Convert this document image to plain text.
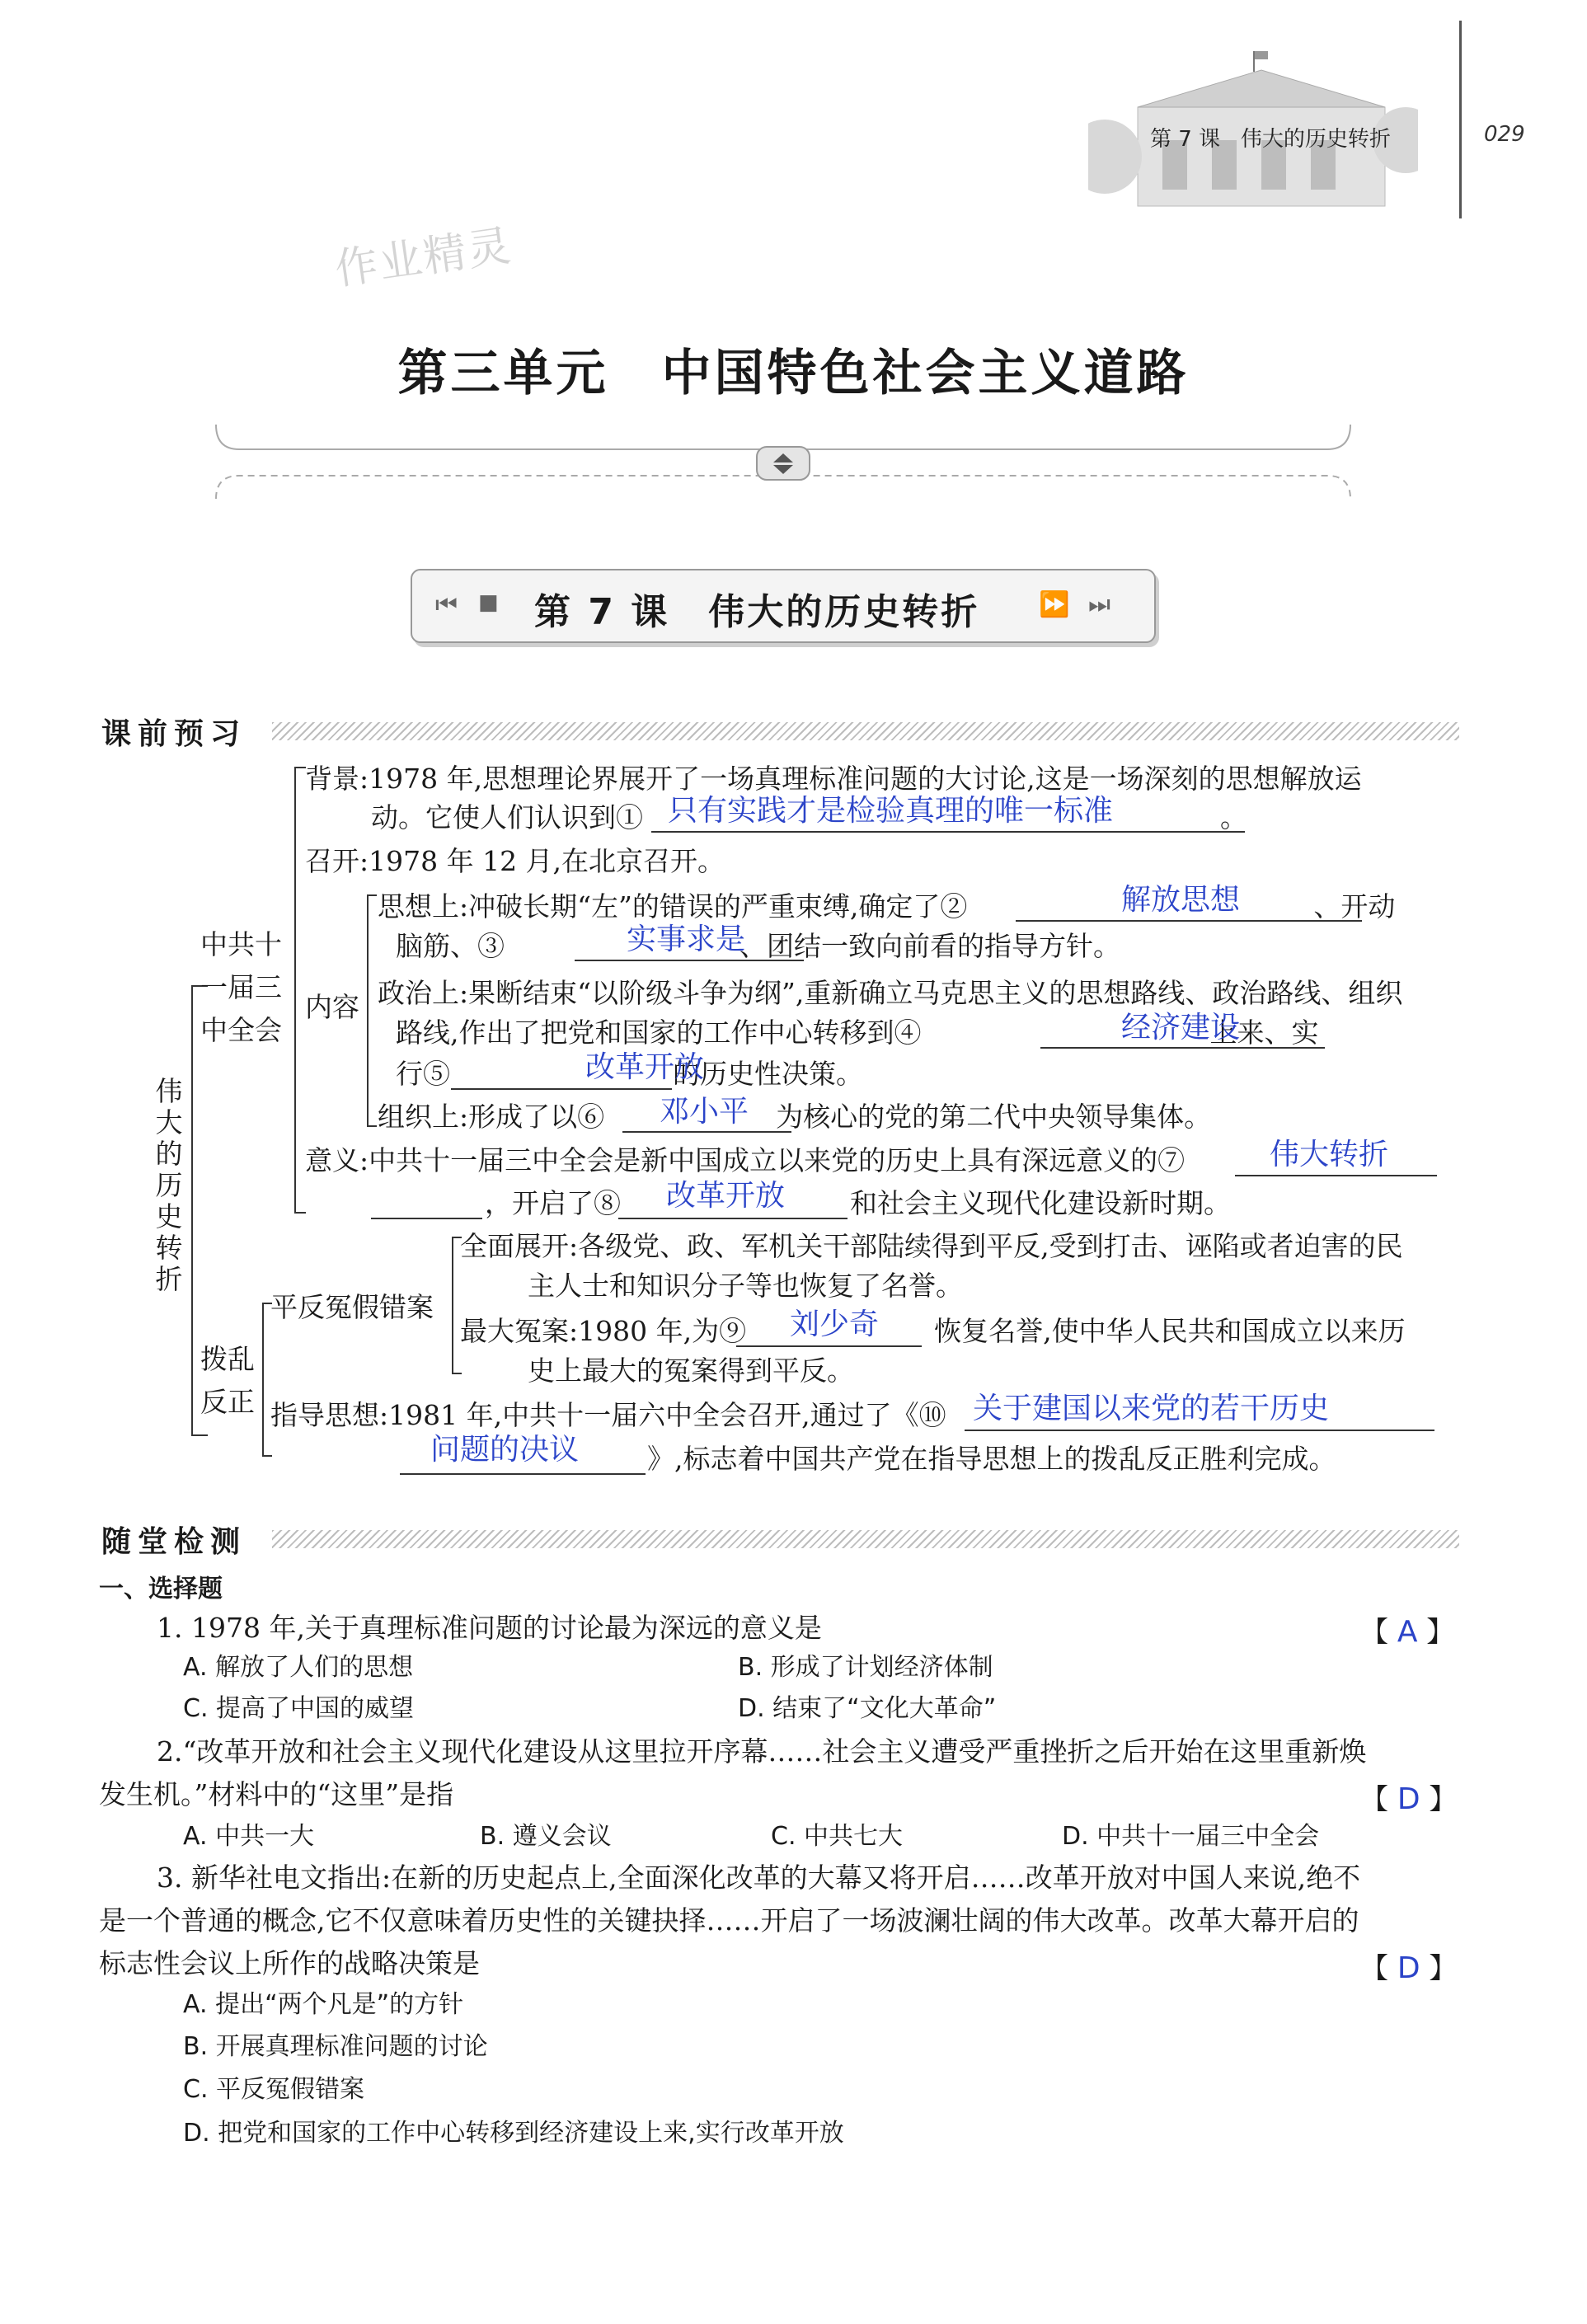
第 7 课 伟大的历史转折	029
作业精灵
第三单元　中国特色社会主义道路
⏮ ■ 第 7 课　伟大的历史转折 ⏩ ⏭
课前预习
伟
大
的
历
史
转
折
中共十
一届三
中全会
背景:1978 年,思想理论界展开了一场真理标准问题的大讨论,这是一场深刻的思想解放运
动。它使人们认识到①	。
只有实践才是检验真理的唯一标准
召开:1978 年 12 月,在北京召开。
内容
思想上:冲破长期“左”的错误的严重束缚,确定了②	、开动
解放思想
脑筋、③	、团结一致向前看的指导方针。
实事求是
政治上:果断结束“以阶级斗争为纲”,重新确立马克思主义的思想路线、政治路线、组织
路线,作出了把党和国家的工作中心转移到④	上来、实
经济建设
行⑤	的历史性决策。
改革开放
组织上:形成了以⑥	为核心的党的第二代中央领导集体。
邓小平
意义:中共十一届三中全会是新中国成立以来党的历史上具有深远意义的⑦	伟大转折
，开启了⑧	和社会主义现代化建设新时期。
改革开放
拨乱
反正
平反冤假错案
全面展开:各级党、政、军机关干部陆续得到平反,受到打击、诬陷或者迫害的民
主人士和知识分子等也恢复了名誉。
最大冤案:1980 年,为⑨	恢复名誉,使中华人民共和国成立以来历
刘少奇
史上最大的冤案得到平反。
指导思想:1981 年,中共十一届六中全会召开,通过了《⑩ 关于建国以来党的若干历史
》,标志着中国共产党在指导思想上的拨乱反正胜利完成。
问题的决议
随堂检测
一、选择题
1. 1978 年,关于真理标准问题的讨论最为深远的意义是	【 A 】
A. 解放了人们的思想	B. 形成了计划经济体制
C. 提高了中国的威望	D. 结束了“文化大革命”
2.“改革开放和社会主义现代化建设从这里拉开序幕……社会主义遭受严重挫折之后开始在这里重新焕
发生机。”材料中的“这里”是指	【 D 】
A. 中共一大	B. 遵义会议	C. 中共七大	D. 中共十一届三中全会
3. 新华社电文指出:在新的历史起点上,全面深化改革的大幕又将开启……改革开放对中国人来说,绝不
是一个普通的概念,它不仅意味着历史性的关键抉择……开启了一场波澜壮阔的伟大改革。改革大幕开启的
标志性会议上所作的战略决策是	【 D 】
A. 提出“两个凡是”的方针
B. 开展真理标准问题的讨论
C. 平反冤假错案
D. 把党和国家的工作中心转移到经济建设上来,实行改革开放
